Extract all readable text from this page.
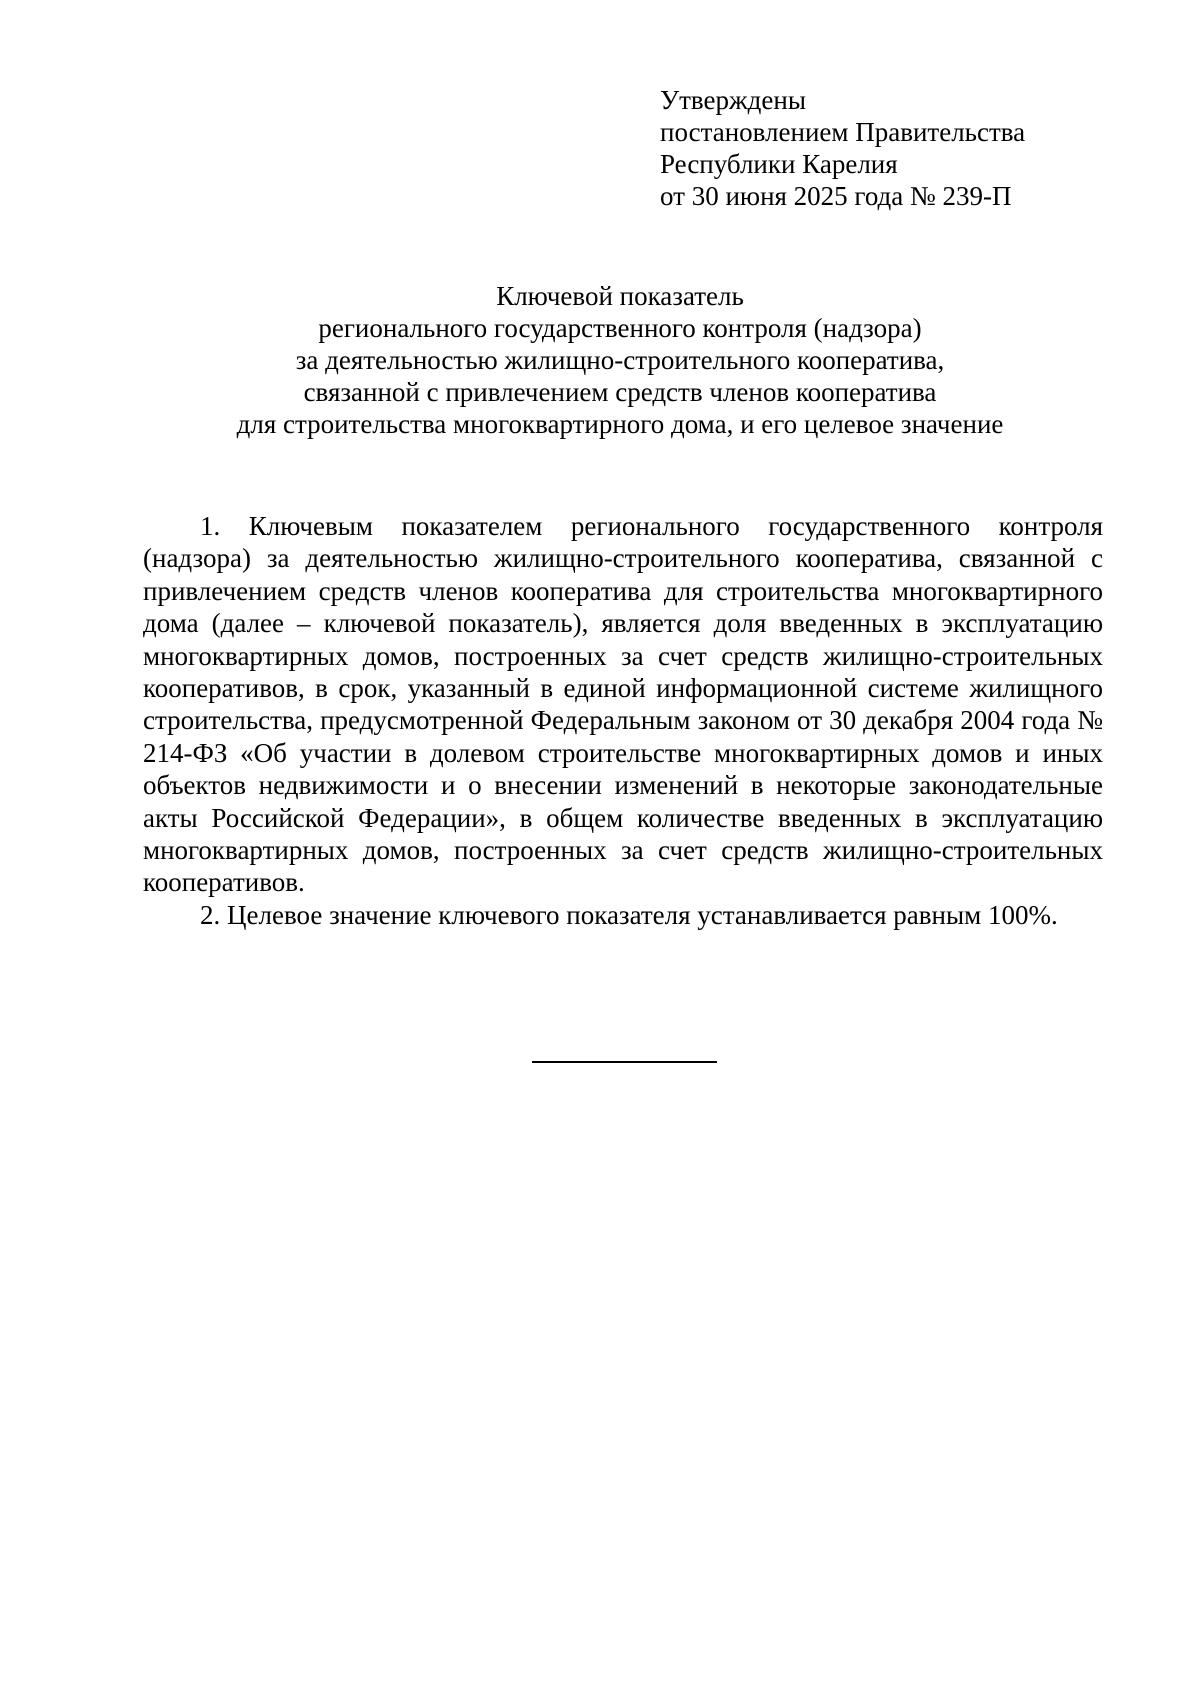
Утверждены
постановлением Правительства
Республики Карелия
от 30 июня 2025 года № 239-П
Ключевой показатель
регионального государственного контроля (надзора)
за деятельностью жилищно-строительного кооператива,
связанной с привлечением средств членов кооператива
для строительства многоквартирного дома, и его целевое значение

1. Ключевым показателем регионального государственного контроля (надзора) за деятельностью жилищно-строительного кооператива, связанной с привлечением средств членов кооператива для строительства многоквартирного дома (далее – ключевой показатель), является доля введенных в эксплуатацию многоквартирных домов, построенных за счет средств жилищно-строительных кооперативов, в срок, указанный в единой информационной системе жилищного строительства, предусмотренной Федеральным законом от 30 декабря 2004 года № 214-ФЗ «Об участии в долевом строительстве многоквартирных домов и иных объектов недвижимости и о внесении изменений в некоторые законодательные акты Российской Федерации», в общем количестве введенных в эксплуатацию многоквартирных домов, построенных за счет средств жилищно-строительных кооперативов.

2. Целевое значение ключевого показателя устанавливается равным 100%.
